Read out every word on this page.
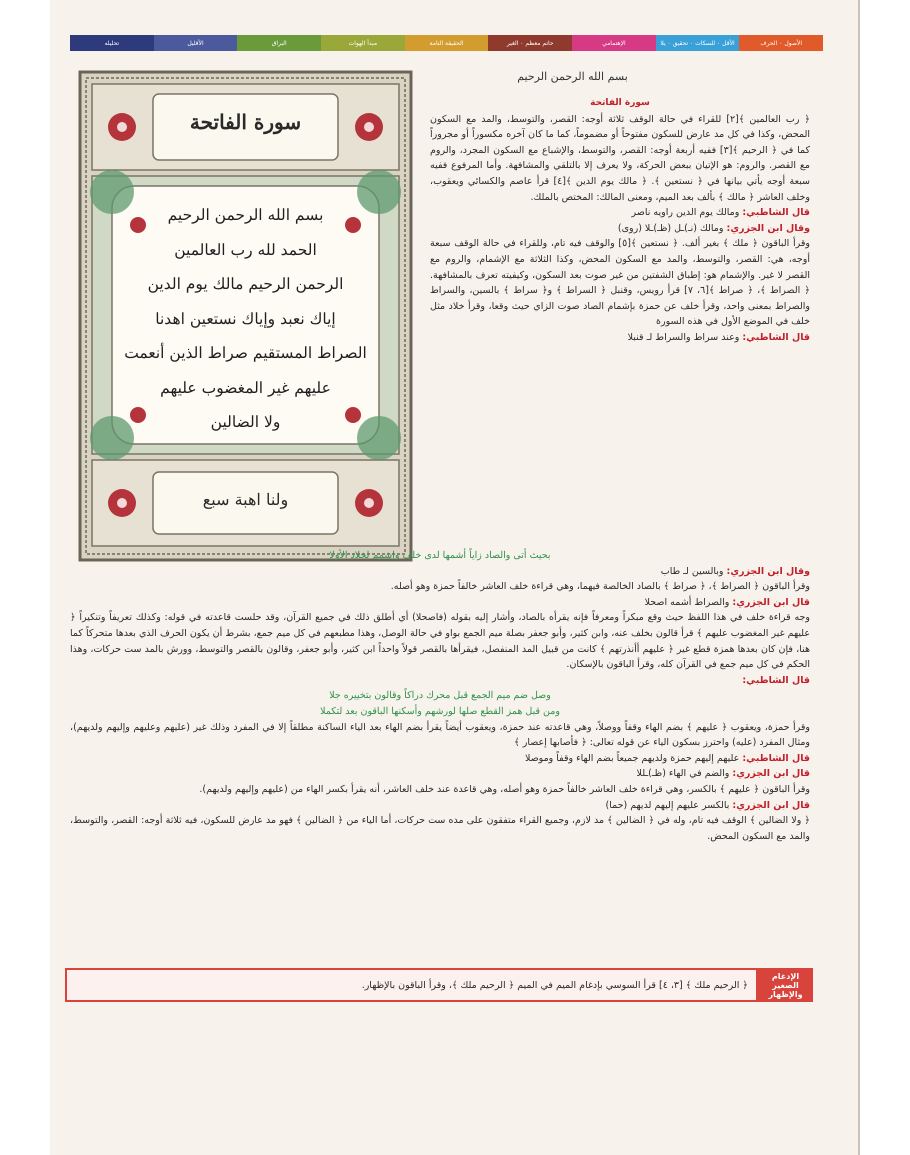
تحليله	الأقليل	البراق	مبدأ الهوات	الحقيقة التامة	حاتم معظم ٠ الغير	الإهتمامي	الأقل ٠ للسكات ٠ تحقيق ٠ يلا	الأصول ٠ الحرف
سورة الفاتحة
بسم الله الرحمن الرحيم
الحمد لله رب العالمين
الرحمن الرحيم مالك يوم الدين
إياك نعبد وإياك نستعين اهدنا
الصراط المستقيم صراط الذين أنعمت
عليهم غير المغضوب عليهم
ولا الضالين
ولنا اهبة سبع
بسم الله الرحمن الرحيم
سورة الفاتحة
﴿ رب العالمين ﴾[٢] للقراء في حالة الوقف ثلاثة أوجه: القصر، والتوسط، والمد مع السكون المحض، وكذا في كل مد عارض للسكون مفتوحاً أو مضموماً، كما ما كان آخره مكسوراً أو مجروراً كما في ﴿ الرحيم ﴾[٣] ففيه أربعة أوجه: القصر، والتوسط، والإشباع مع السكون المجرد، والروم مع القصر. والروم: هو الإتيان ببعض الحركة، ولا يعرف إلا بالتلقي والمشافهة. وأما المرفوع ففيه سبعة أوجه يأتي بيانها في ﴿ نستعين ﴾. ﴿ مالك يوم الدين ﴾[٤] قرأ عاصم والكسائي ويعقوب، وخلف العاشر ﴿ مالك ﴾ بألف بعد الميم، ومعنى المالك: المختص بالملك.
قال الشاطبي: ومالك يوم الدين راويه ناصر
وقال ابن الجزري: ومالك (نـ)ـل (ظـ)ـلا (روى)
وقرأ الباقون ﴿ ملك ﴾ بغير ألف. ﴿ نستعين ﴾[٥] والوقف فيه تام، وللقراء في حالة الوقف سبعة أوجه، هي: القصر، والتوسط، والمد مع السكون المحض، وكذا الثلاثة مع الإشمام، والروم مع القصر لا غير. والإشمام هو: إطباق الشفتين من غير صوت بعد السكون، وكيفيته تعرف بالمشافهة. ﴿ الصراط ﴾، ﴿ صراط ﴾[٦، ٧] قرأ رويس، وقنبل ﴿ السراط ﴾ و﴿ سراط ﴾ بالسين، والسراط والصراط بمعنى واحد، وقرأ خلف عن حمزة بإشمام الصاد صوت الزاي حيث وقعا، وقرأ خلاد مثل خلف في الموضع الأول في هذه السورة
قال الشاطبي: وعند سراط والسراط لـ قنبلا
بحيث أتى والصاد زاياً أشمها لدى خلف واشمم لخلاد الأولا
وقال ابن الجزري: وبالسين لـ طاب
وقرأ الباقون ﴿ الصراط ﴾، ﴿ صراط ﴾ بالصاد الخالصة فيهما، وهي قراءة خلف العاشر خالفاً حمزة وهو أصله.
قال ابن الجزري: والصراط أشمه اصحلا
وجه قراءة خلف في هذا اللفظ حيث وقع مبكراً ومعرفاً فإنه يقرأه بالصاد، وأشار إليه بقوله (فاصحلا) أي أطلق ذلك في جميع القرآن، وقد حلست قاعدته في قوله: وكذلك تعريفاً وتنكيراً ﴿ عليهم غير المغضوب عليهم ﴾ قرأ قالون بخلف عنه، وابن كثير، وأبو جعفر بصلة ميم الجمع بواو في حالة الوصل، وهذا مطبعهم في كل ميم جمع، بشرط أن يكون الحرف الذي بعدها متحركاً كما هنا، فإن كان بعدها همزة قطع غير ﴿ عليهم أأنذرتهم ﴾ كانت من قبيل المد المنفصل، فيقرأها بالقصر قولاً واحداً ابن كثير، وأبو جعفر، وقالون بالقصر والتوسط، وورش بالمد ست حركات، وهذا الحكم في كل ميم جمع في القرآن كله، وقرأ الباقون بالإسكان.
قال الشاطبي:
وصل ضم ميم الجمع قبل محرك دراكاً وقالون بتخييره جلا
ومن قبل همز القطع صلها لورشهم وأسكنها الباقون بعد لتكملا
وقرأ حمزة، ويعقوب ﴿ عليهم ﴾ بضم الهاء وقفاً ووصلاً، وهي قاعدته عند حمزة، ويعقوب أيضاً يقرأ بضم الهاء بعد الياء الساكنة مطلقاً إلا في المفرد وذلك غير (عليهم وعليهم وإليهم ولديهم)، ومثال المفرد (عليه) واحترز بسكون الياء عن قوله تعالى: ﴿ فأصابها إعصار ﴾
قال الشاطبي: عليهم إليهم حمزة ولديهم جميعاً بضم الهاء وقفاً وموصلا
قال ابن الجزري: والضم في الهاء (ظـ)ـللا
وقرأ الباقون ﴿ عليهم ﴾ بالكسر، وهي قراءة خلف العاشر خالفاً حمزة وهو أصله، وهي قاعدة عند خلف العاشر، أنه يقرأ بكسر الهاء من (عليهم وإليهم ولديهم).
قال ابن الجزري: بالكسر عليهم إليهم لديهم (حما)
﴿ ولا الضالين ﴾ الوقف فيه تام، وله في ﴿ الضالين ﴾ مد لازم، وجميع القراء متفقون على مده ست حركات، أما الياء من ﴿ الضالين ﴾ فهو مد عارض للسكون، فيه ثلاثة أوجه: القصر، والتوسط، والمد مع السكون المحض.
﴿ الرحيم ملك ﴾ [٣، ٤] قرأ السوسي بإدغام الميم في الميم ﴿ الرحيم ملك ﴾، وقرأ الباقون بالإظهار.
الإدغام الصغير والإظهار
